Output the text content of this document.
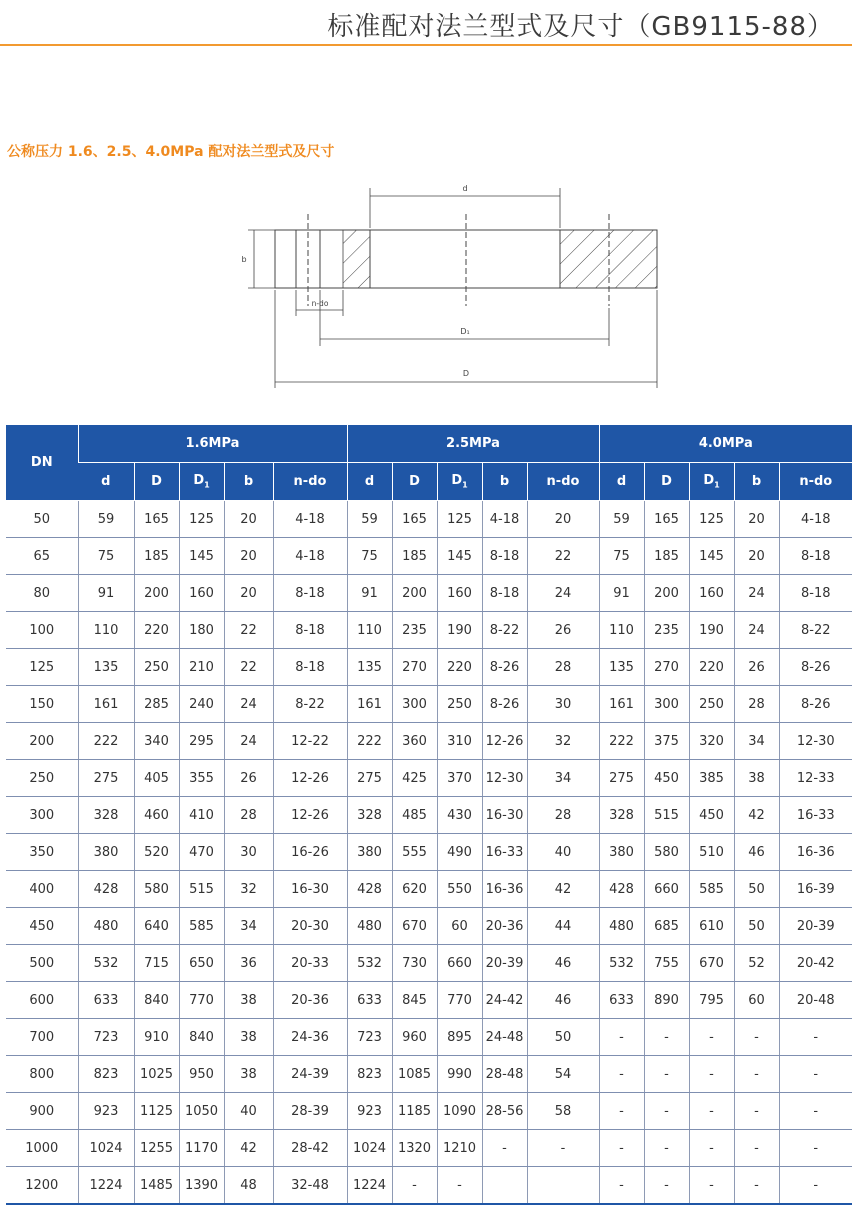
标准配对法兰型式及尺寸（GB9115-88）
公称压力 1.6、2.5、4.0MPa 配对法兰型式及尺寸
d
b
n-do
D₁
D
DN	1.6MPa					2.5MPa					4.0MPa				
	d	D	$D_1$	b	n-do	d	D	$D_1$	b	n-do	d	D	$D_1$	b	n-do
50	59	165	125	20	4-18	59	165	125	4-18	20	59	165	125	20	4-18
65	75	185	145	20	4-18	75	185	145	8-18	22	75	185	145	20	8-18
80	91	200	160	20	8-18	91	200	160	8-18	24	91	200	160	24	8-18
100	110	220	180	22	8-18	110	235	190	8-22	26	110	235	190	24	8-22
125	135	250	210	22	8-18	135	270	220	8-26	28	135	270	220	26	8-26
150	161	285	240	24	8-22	161	300	250	8-26	30	161	300	250	28	8-26
200	222	340	295	24	12-22	222	360	310	12-26	32	222	375	320	34	12-30
250	275	405	355	26	12-26	275	425	370	12-30	34	275	450	385	38	12-33
300	328	460	410	28	12-26	328	485	430	16-30	28	328	515	450	42	16-33
350	380	520	470	30	16-26	380	555	490	16-33	40	380	580	510	46	16-36
400	428	580	515	32	16-30	428	620	550	16-36	42	428	660	585	50	16-39
450	480	640	585	34	20-30	480	670	60	20-36	44	480	685	610	50	20-39
500	532	715	650	36	20-33	532	730	660	20-39	46	532	755	670	52	20-42
600	633	840	770	38	20-36	633	845	770	24-42	46	633	890	795	60	20-48
700	723	910	840	38	24-36	723	960	895	24-48	50	-	-	-	-	-
800	823	1025	950	38	24-39	823	1085	990	28-48	54	-	-	-	-	-
900	923	1125	1050	40	28-39	923	1185	1090	28-56	58	-	-	-	-	-
1000	1024	1255	1170	42	28-42	1024	1320	1210	-	-	-	-	-	-	-
1200	1224	1485	1390	48	32-48	1224	-	-			-	-	-	-	-
